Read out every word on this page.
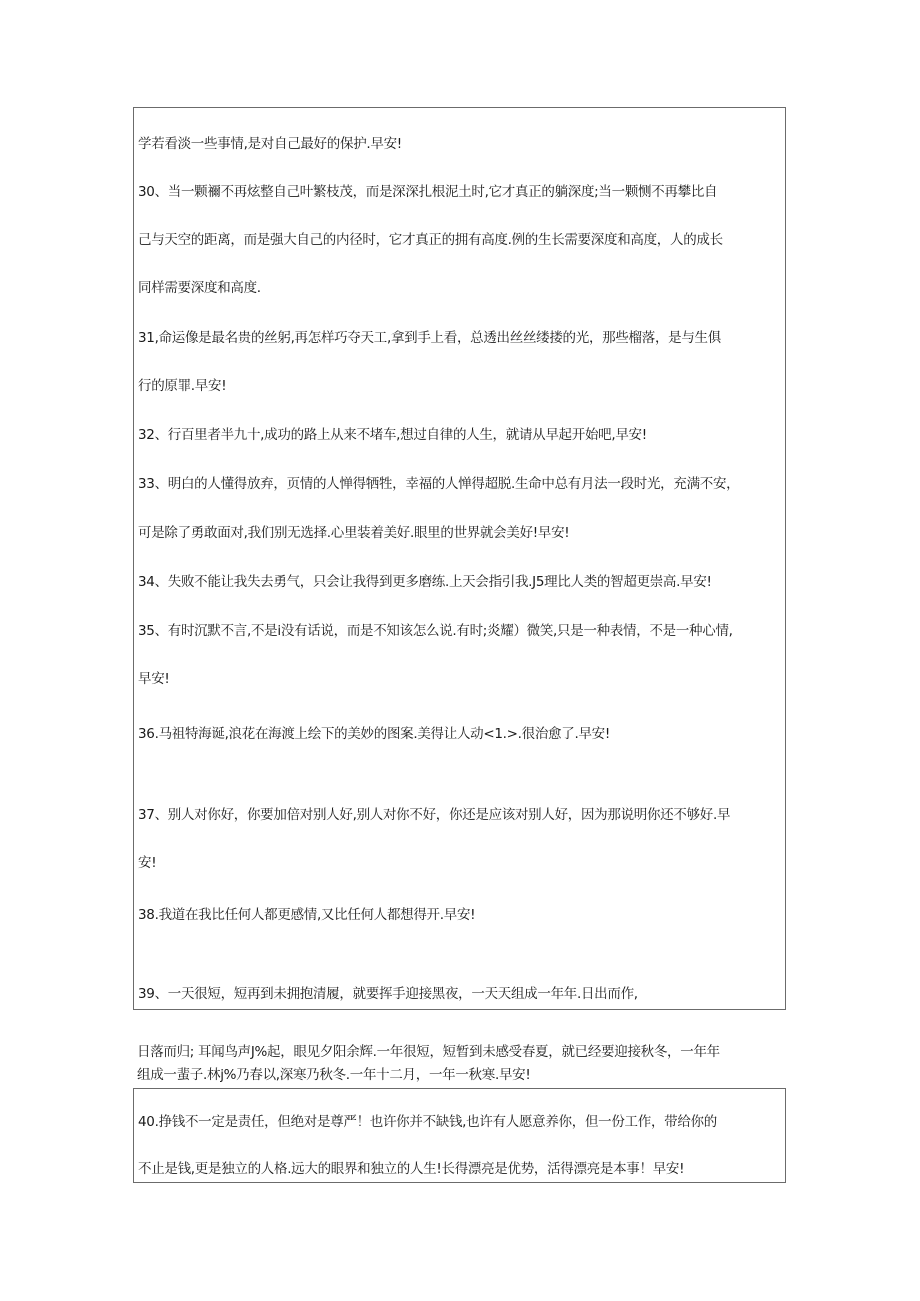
学若看淡一些事情,是对自己最好的保护.早安!
30、当一颗禰不再炫整自己叶繁枝茂，而是深深扎根泥土时,它才真正的躺深度;当一颗恻不再攀比自
己与天空的距离，而是强大自己的内径时，它才真正的拥有高度.例的生长需要深度和高度，人的成长
同样需要深度和高度.
31,命运像是最名贵的丝躬,再怎样巧夺天工,拿到手上看，总透出丝丝缕搂的光，那些榴落，是与生俱
行的原罪.早安!
32、行百里者半九十,成功的路上从来不堵车,想过自律的人生，就请从早起开始吧,早安!
33、明白的人懂得放弃，页情的人惮得牺牲，幸福的人惮得超脱.生命中总有月法一段时光，充满不安，
可是除了勇敢面对,我们别无选择.心里装着美好.眼里的世界就会美好!早安!
34、失败不能让我失去勇气，只会让我得到更多磨练.上天会指引我.J5理比人类的智超更崇高.早安!
35、有时沉默不言,不是i没有话说，而是不知该怎么说.有时;炎耀）微笑,只是一种表情，不是一种心情,
早安!
36.马祖特海诞,浪花在海渡上绘下的美妙的图案.美得让人动<1.>.很治愈了.早安!
37、别人对你好，你要加倍对别人好,别人对你不好，你还是应该对别人好，因为那说明你还不够好.早
安!
38.我道在我比任何人都更感情,又比任何人都想得开.早安!
39、一天很短，短再到未拥抱清履，就要挥手迎接黑夜，一天天组成一年年.日出而作,
日落而归; 耳闻鸟声J%起，眼见夕阳余辉.一年很短，短暂到未感受春夏，就已经要迎接秋冬，一年年
组成一蜚子.林j%乃春以,深寒乃秋冬.一年十二月，一年一秋寒.早安!
40.挣钱不一定是责任，但绝对是尊严！也许你并不缺钱,也许有人愿意养你，但一份工作，带给你的
不止是钱,更是独立的人格.远大的眼界和独立的人生!长得漂亮是优势，活得漂亮是本事！早安!
